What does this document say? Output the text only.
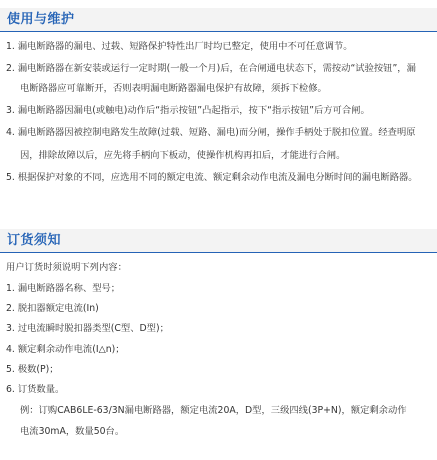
使用与维护
1. 漏电断路器的漏电、过载、短路保护特性出厂时均已整定，使用中不可任意调节。
2. 漏电断路器在新安装或运行一定时期(一般一个月)后，在合闸通电状态下，需按动“试验按钮”，漏
电断路器应可靠断开，否则表明漏电断路器漏电保护有故障，须拆下检修。
3. 漏电断路器因漏电(或触电)动作后“指示按钮”凸起指示，按下“指示按钮”后方可合闸。
4. 漏电断路器因被控制电路发生故障(过载、短路、漏电)而分闸，操作手柄处于脱扣位置。经查明原
因，排除故障以后，应先将手柄向下板动，使操作机构再扣后，才能进行合闸。
5. 根据保护对象的不同，应选用不同的额定电流、额定剩余动作电流及漏电分断时间的漏电断路器。
订货须知
用户订货时须说明下列内容：
1. 漏电断路器名称、型号；
2. 脱扣器额定电流(In)
3. 过电流瞬时脱扣器类型(C型、D型)；
4. 额定剩余动作电流(I△n)；
5. 极数(P)；
6. 订货数量。
例：订购CAB6LE-63/3N漏电断路器，额定电流20A，D型，三级四线(3P+N)，额定剩余动作
电流30mA，数量50台。
